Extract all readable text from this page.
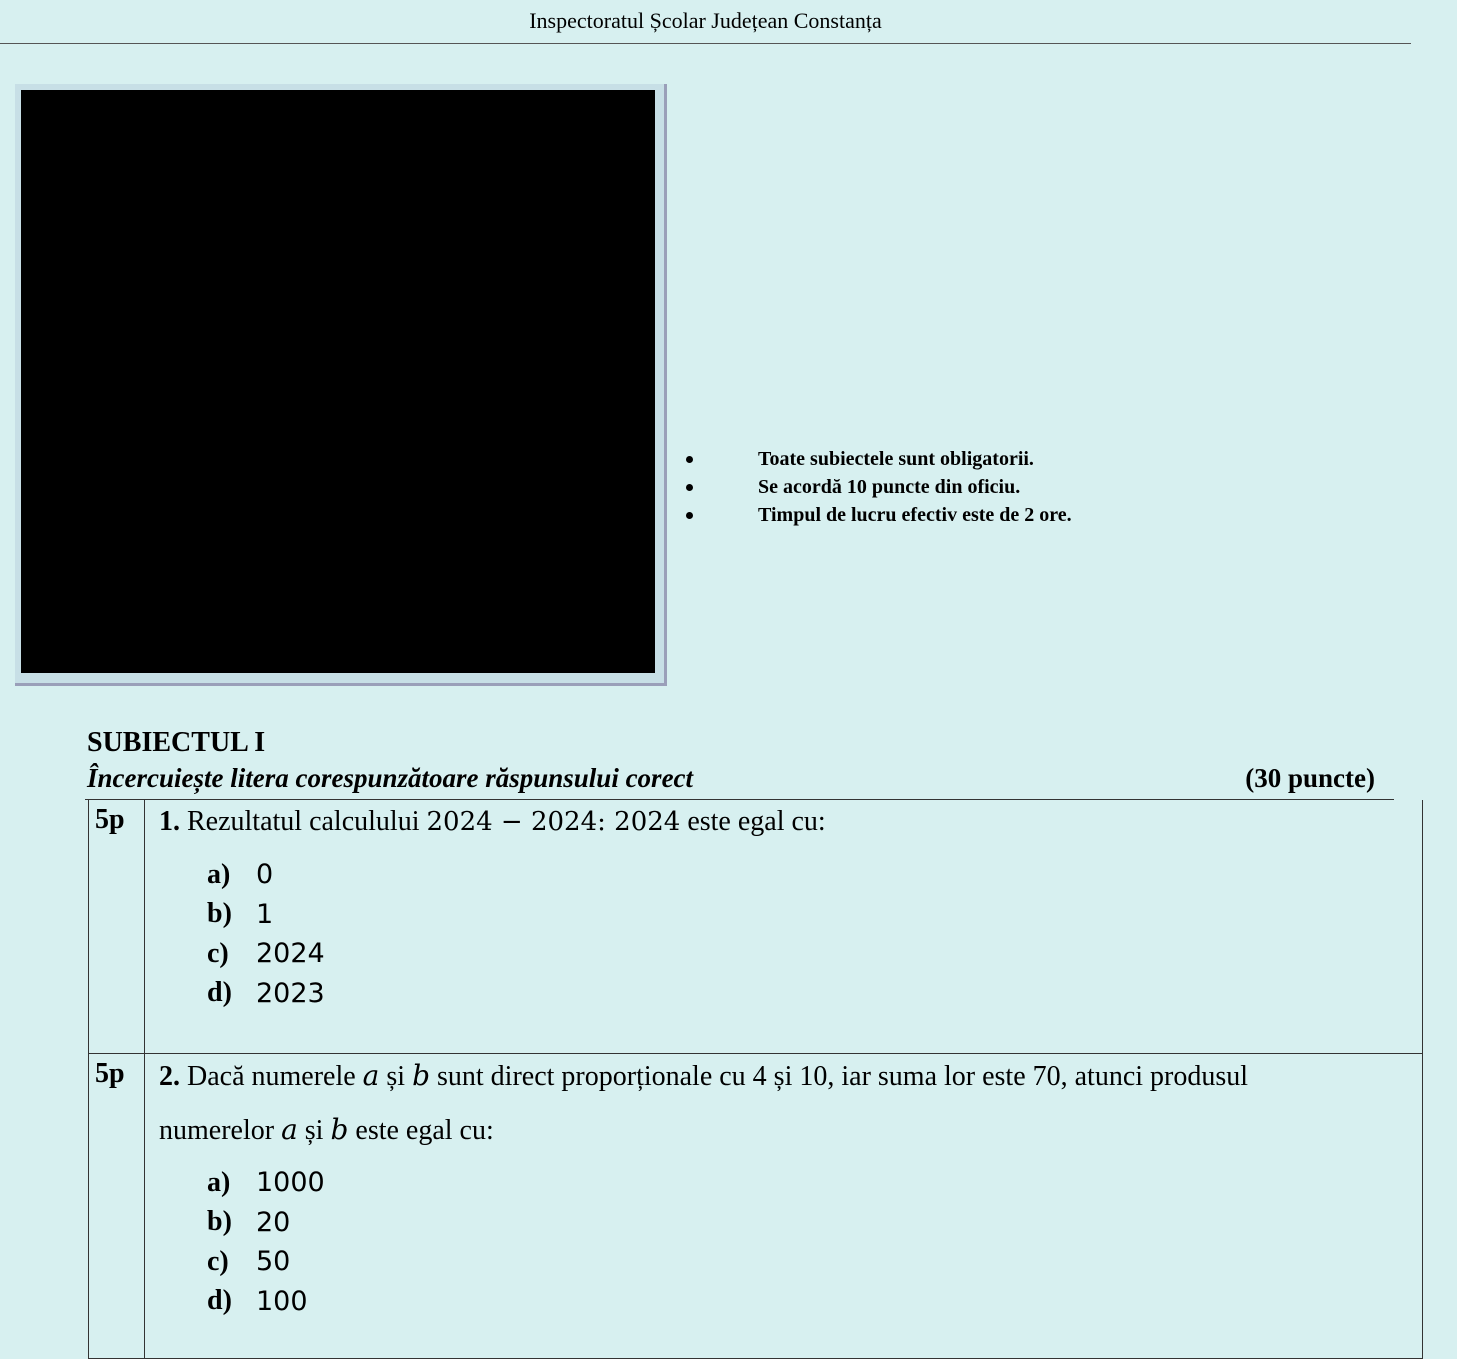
Inspectoratul Școlar Județean Constanța
Toate subiectele sunt obligatorii.
Se acordă 10 puncte din oficiu.
Timpul de lucru efectiv este de 2 ore.
SUBIECTUL I
Încercuiește litera corespunzătoare răspunsului corect	(30 puncte)
5p	1. Rezultatul calculului 2024 − 2024: 2024 este egal cu:
a) 0
b) 1
c)	2024
d) 2023
5p	2. Dacă numerele a și b sunt direct proporționale cu 4 și 10, iar suma lor este 70, atunci produsul
numerelor a și b este egal cu:
a) 1000
b) 20
c)	50
d) 100
